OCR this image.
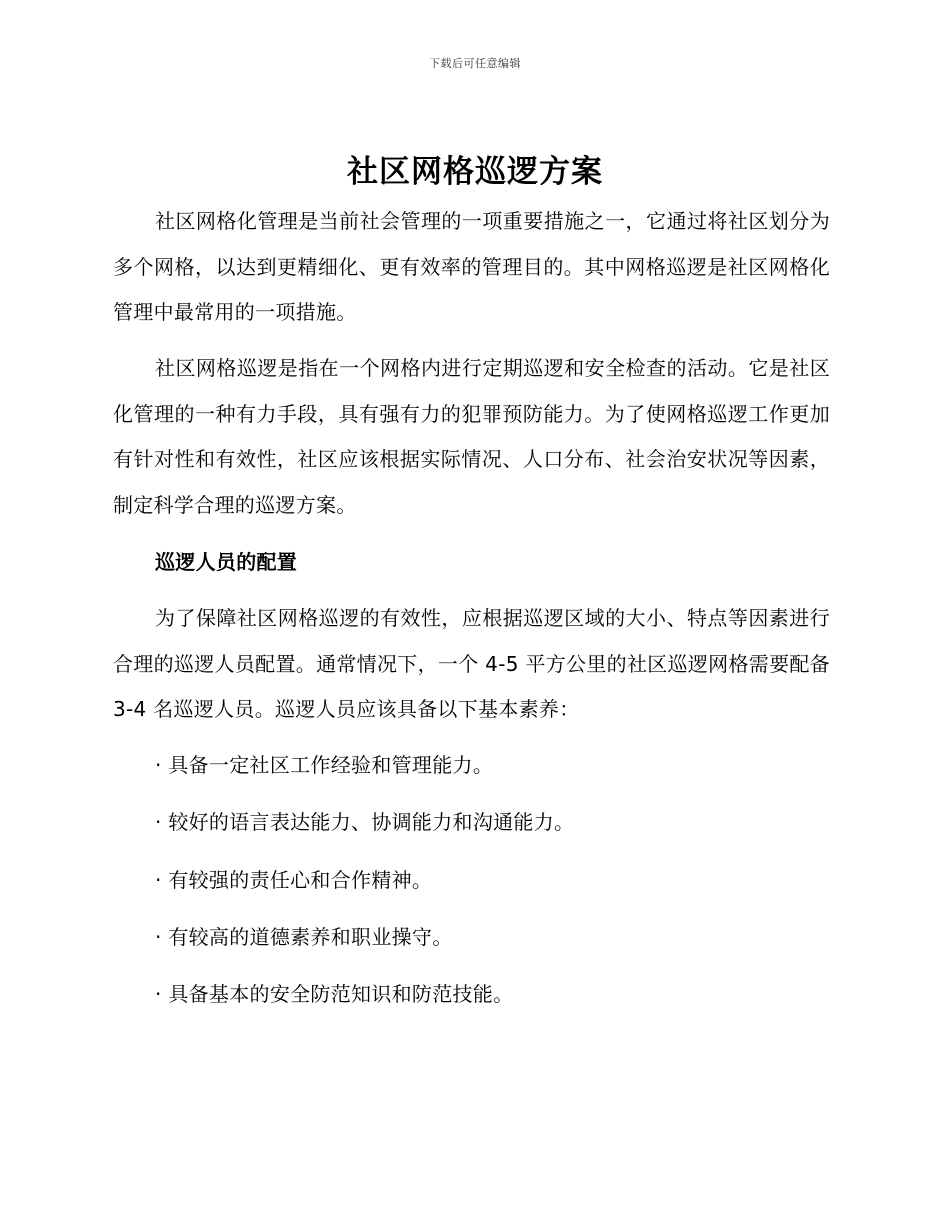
下载后可任意编辑
社区网格巡逻方案

社区网格化管理是当前社会管理的一项重要措施之一，它通过将社区划分为多个网格，以达到更精细化、更有效率的管理目的。其中网格巡逻是社区网格化管理中最常用的一项措施。

社区网格巡逻是指在一个网格内进行定期巡逻和安全检查的活动。它是社区化管理的一种有力手段，具有强有力的犯罪预防能力。为了使网格巡逻工作更加有针对性和有效性，社区应该根据实际情况、人口分布、社会治安状况等因素，制定科学合理的巡逻方案。

巡逻人员的配置

为了保障社区网格巡逻的有效性，应根据巡逻区域的大小、特点等因素进行合理的巡逻人员配置。通常情况下，一个 4-5 平方公里的社区巡逻网格需要配备 3-4 名巡逻人员。巡逻人员应该具备以下基本素养：

· 具备一定社区工作经验和管理能力。
· 较好的语言表达能力、协调能力和沟通能力。
· 有较强的责任心和合作精神。
· 有较高的道德素养和职业操守。
· 具备基本的安全防范知识和防范技能。
